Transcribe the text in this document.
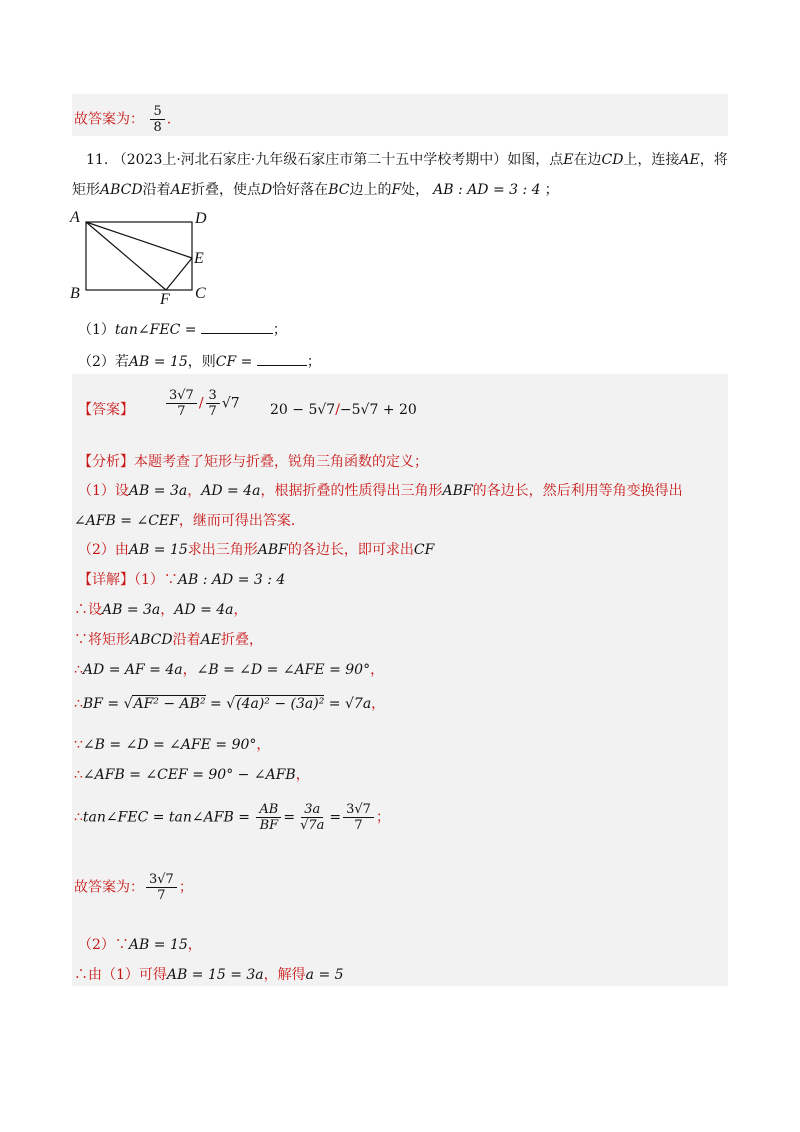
故答案为： $\frac{5}{8}$ .
11. （2023上·河北石家庄·九年级石家庄市第二十五中学校考期中）如图，点E在边CD上，连接AE，将
矩形ABCD沿着AE折叠，使点D恰好落在BC边上的F处， AB : AD = 3 : 4 ；
A	D
E
B	F C
（1）tan∠FEC =	；
（2）若AB = 15，则CF =	；
【答案】 $\frac{3√7}{7} / \frac{3}{7} √7$ 20 − 5√7/−5√7 + 20
【分析】本题考查了矩形与折叠，锐角三角函数的定义；
（1）设AB = 3a，AD = 4a，根据折叠的性质得出三角形ABF的各边长，然后利用等角变换得出
∠AFB = ∠CEF，继而可得出答案．
（2）由AB = 15求出三角形ABF的各边长，即可求出CF
【详解】（1）∵AB : AD = 3 : 4
∴设AB = 3a，AD = 4a，
∵将矩形ABCD沿着AE折叠，
∴AD = AF = 4a，∠B = ∠D = ∠AFE = 90°，
∴BF = √AF² − AB² = √(4a)² − (3a)² = √7a，
∵∠B = ∠D = ∠AFE = 90°，
∴∠AFB = ∠CEF = 90° − ∠AFB，
∴tan∠FEC = tan∠AFB = $\frac{AB}{BF} = \frac{3a}{√7a} = \frac{3√7}{7}$ ；
故答案为： $\frac{3√7}{7}$ ；
（2）∵AB = 15，
∴由（1）可得AB = 15 = 3a，解得a = 5
